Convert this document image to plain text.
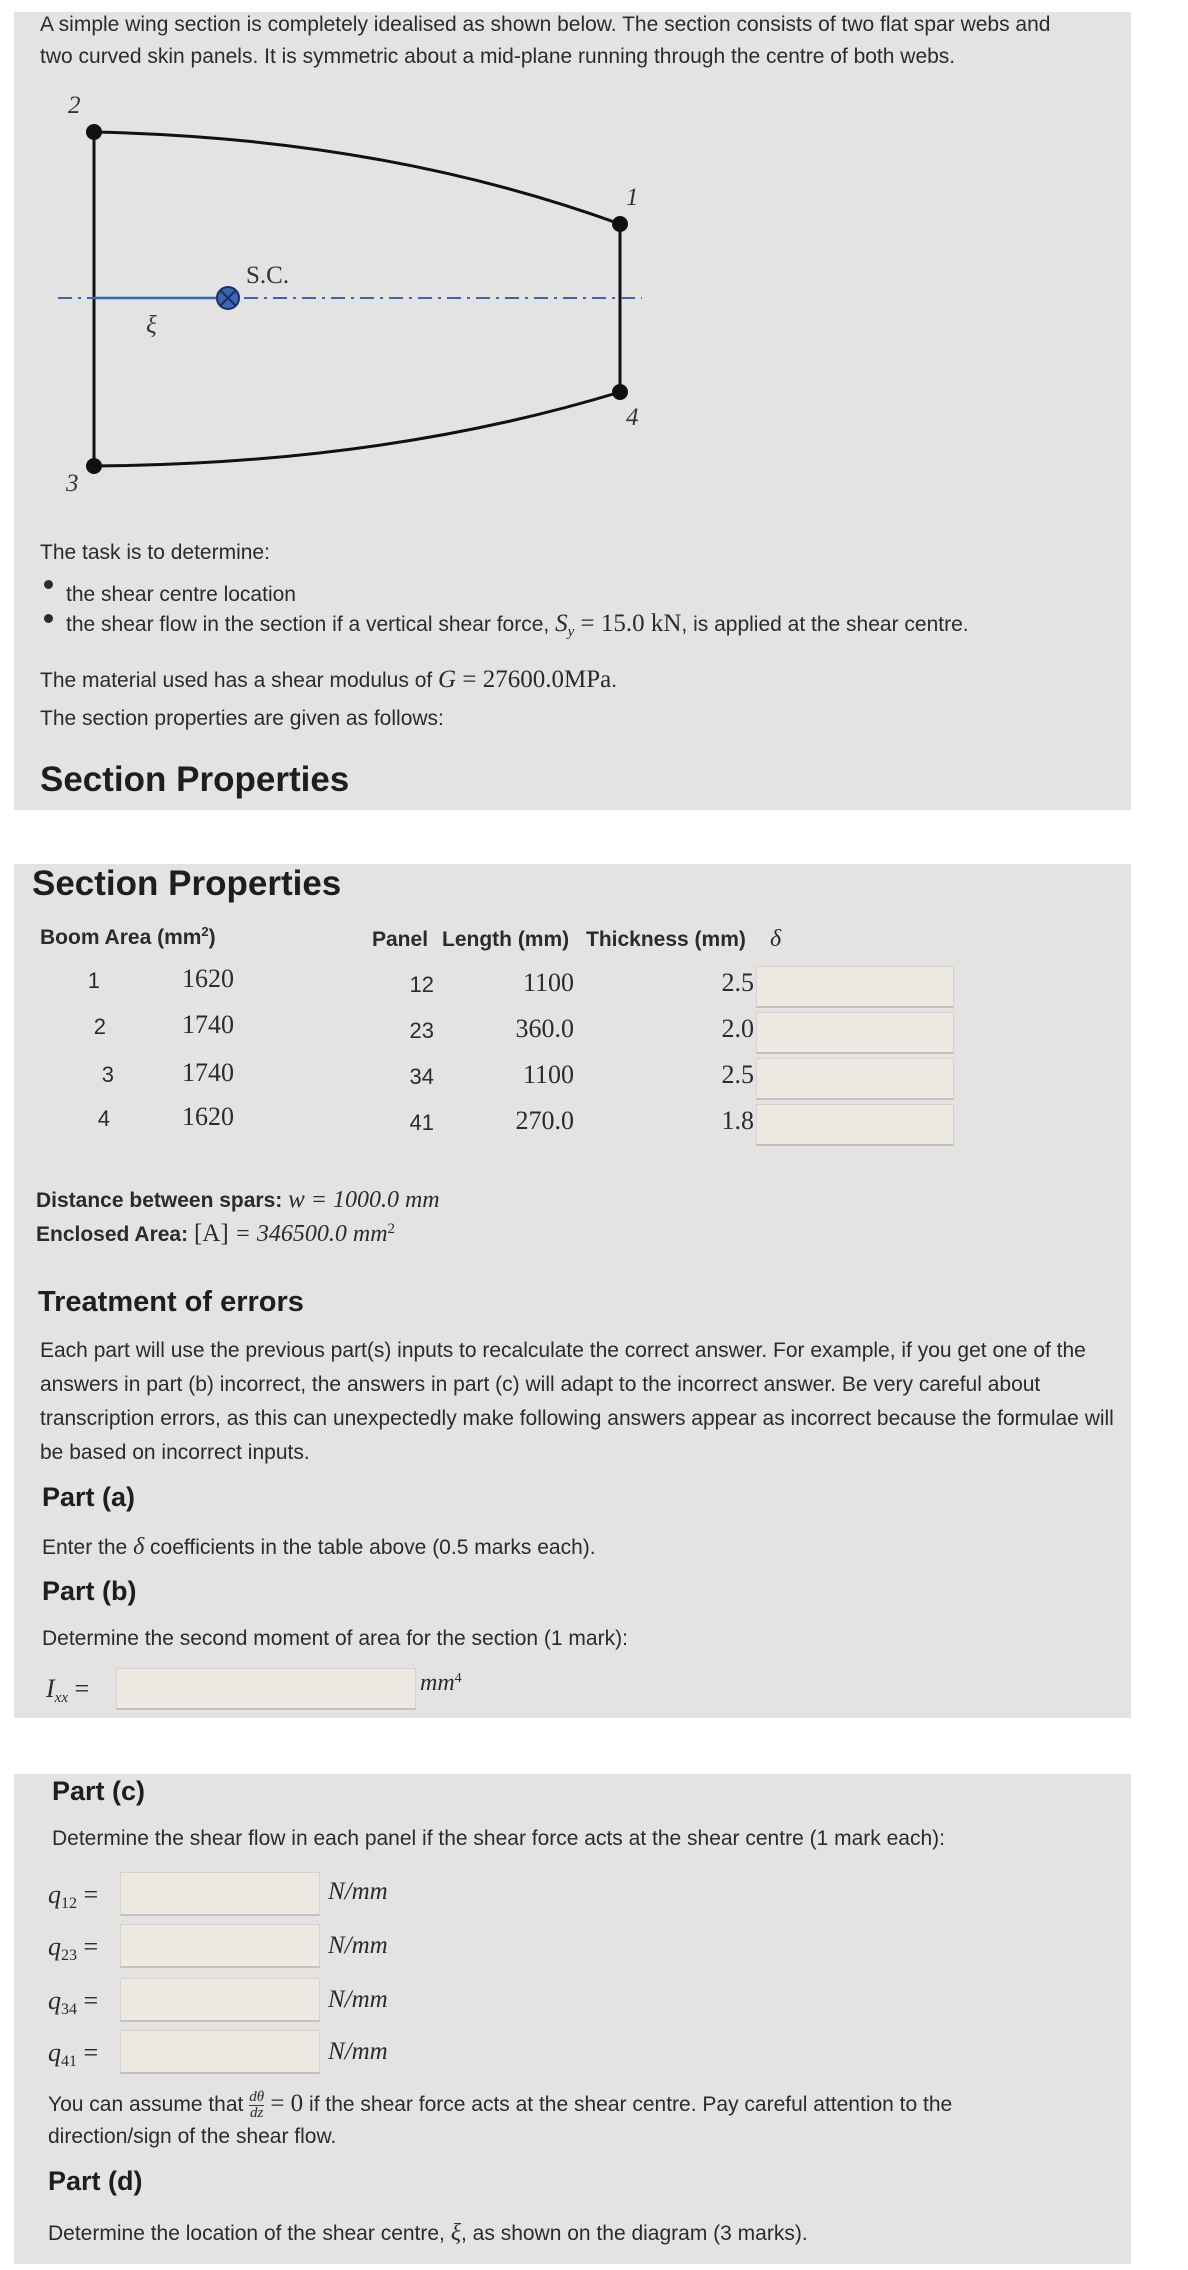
A simple wing section is completely idealised as shown below. The section consists of two flat spar webs and
two curved skin panels. It is symmetric about a mid-plane running through the centre of both webs.
1
2
3
4
S.C.
ξ
The task is to determine:
the shear centre location
the shear flow in the section if a vertical shear force, $S_y = 15.0$ kN, is applied at the shear centre.
The material used has a shear modulus of G = 27600.0MPa.
The section properties are given as follows:
Section Properties
Section Properties
Boom Area $(mm^2)$	Panel Length (mm) Thickness (mm) δ
1	1620
2	1740
3	1740
4	1620
12	1100	2.5
23	360.0	2.0
34	1100	2.5
41	270.0	1.8
Distance between spars: w = 1000.0 mm
Enclosed Area: [A] = 346500.0 $mm^2$
Treatment of errors
Each part will use the previous part(s) inputs to recalculate the correct answer. For example, if you get one of the answers in part (b) incorrect, the answers in part (c) will adapt to the incorrect answer. Be very careful about transcription errors, as this can unexpectedly make following answers appear as incorrect because the formulae will be based on incorrect inputs.
Part (a)
Enter the δ coefficients in the table above (0.5 marks each).
Part (b)
Determine the second moment of area for the section (1 mark):
$I_{xx}$ =	$mm^4$
Part (c)
Determine the shear flow in each panel if the shear force acts at the shear centre (1 mark each):
$q_{12}$ =	N/mm
$q_{23}$ =	N/mm
$q_{34}$ =	N/mm
$q_{41}$ =	N/mm
You can assume that $\frac{d\theta}{dz} = 0$ if the shear force acts at the shear centre. Pay careful attention to the
direction/sign of the shear flow.
Part (d)
Determine the location of the shear centre, ξ, as shown on the diagram (3 marks).
